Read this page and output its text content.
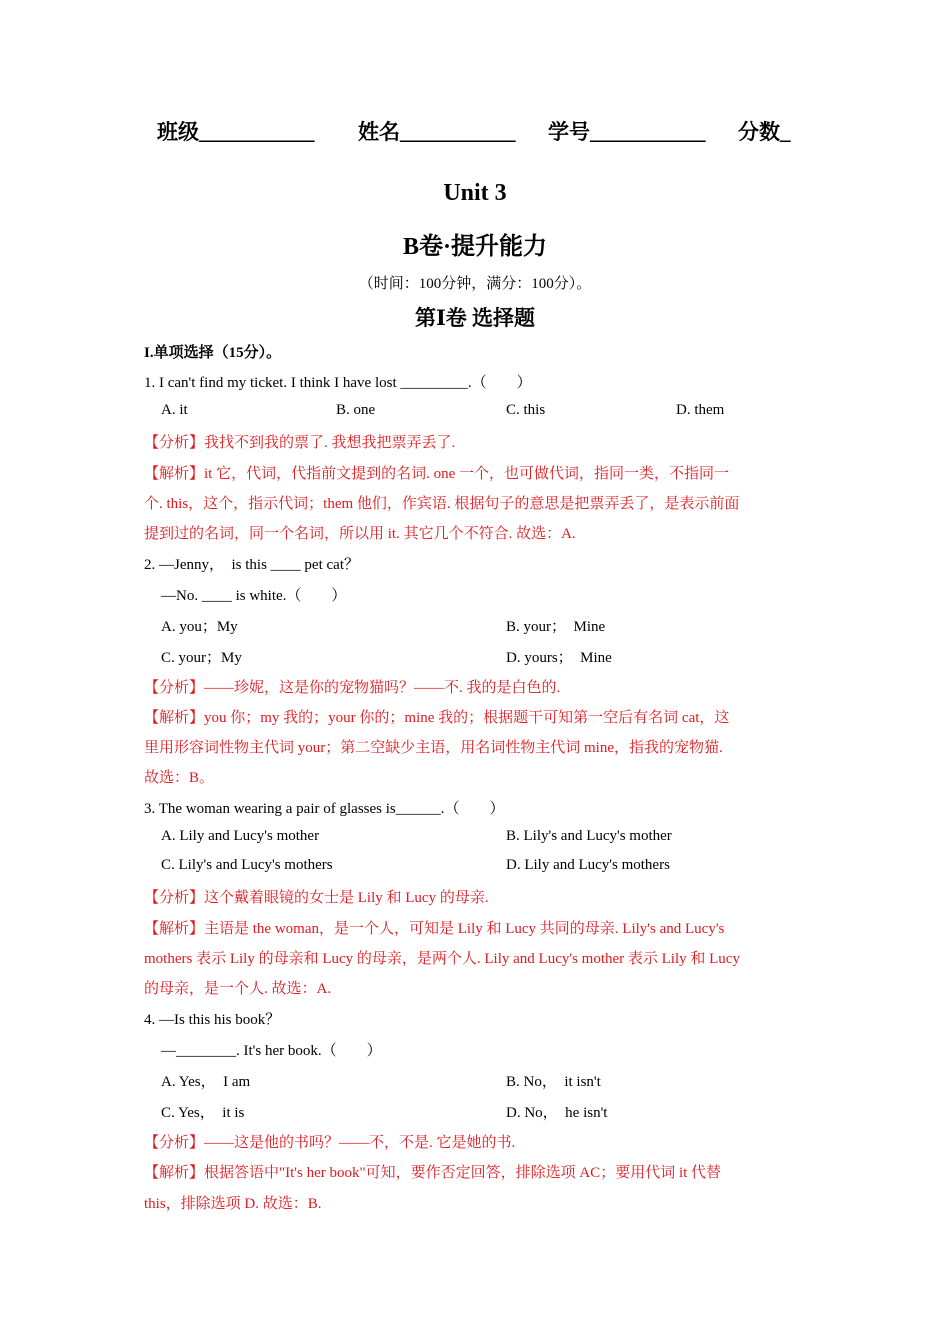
班级___________ 姓名___________ 学号___________ 分数_
Unit 3
B卷·提升能力
（时间：100分钟，满分：100分）。
第Ⅰ卷 选择题
I.单项选择（15分）。
1. I can't find my ticket. I think I have lost _________.（　　）
A. it	B. one	C. this	D. them
【分析】我找不到我的票了. 我想我把票弄丢了.
【解析】it 它，代词，代指前文提到的名词. one 一个，也可做代词，指同一类，不指同一
个. this，这个，指示代词；them 他们，作宾语. 根据句子的意思是把票弄丢了，是表示前面
提到过的名词，同一个名词，所以用 it. 其它几个不符合. 故选：A.
2. —Jenny，　is this ____ pet cat？
—No. ____ is white.（　　）
A. you；My	B. your；　Mine
C. your；My	D. yours；　Mine
【分析】——珍妮，这是你的宠物猫吗？——不. 我的是白色的.
【解析】you 你；my 我的；your 你的；mine 我的；根据题干可知第一空后有名词 cat，这
里用形容词性物主代词 your；第二空缺少主语，用名词性物主代词 mine，指我的宠物猫.
故选：B。
3. The woman wearing a pair of glasses is______.（　　）
A. Lily and Lucy's mother	B. Lily's and Lucy's mother
C. Lily's and Lucy's mothers	D. Lily and Lucy's mothers
【分析】这个戴着眼镜的女士是 Lily 和 Lucy 的母亲.
【解析】主语是 the woman，是一个人，可知是 Lily 和 Lucy 共同的母亲. Lily's and Lucy's
mothers 表示 Lily 的母亲和 Lucy 的母亲，是两个人. Lily and Lucy's mother 表示 Lily 和 Lucy
的母亲，是一个人. 故选：A.
4. —Is this his book？
—________. It's her book.（　　）
A. Yes，　I am	B. No，　it isn't
C. Yes，　it is	D. No，　he isn't
【分析】——这是他的书吗？——不，不是. 它是她的书.
【解析】根据答语中"It's her book"可知，要作否定回答，排除选项 AC；要用代词 it 代替
this，排除选项 D. 故选：B.
